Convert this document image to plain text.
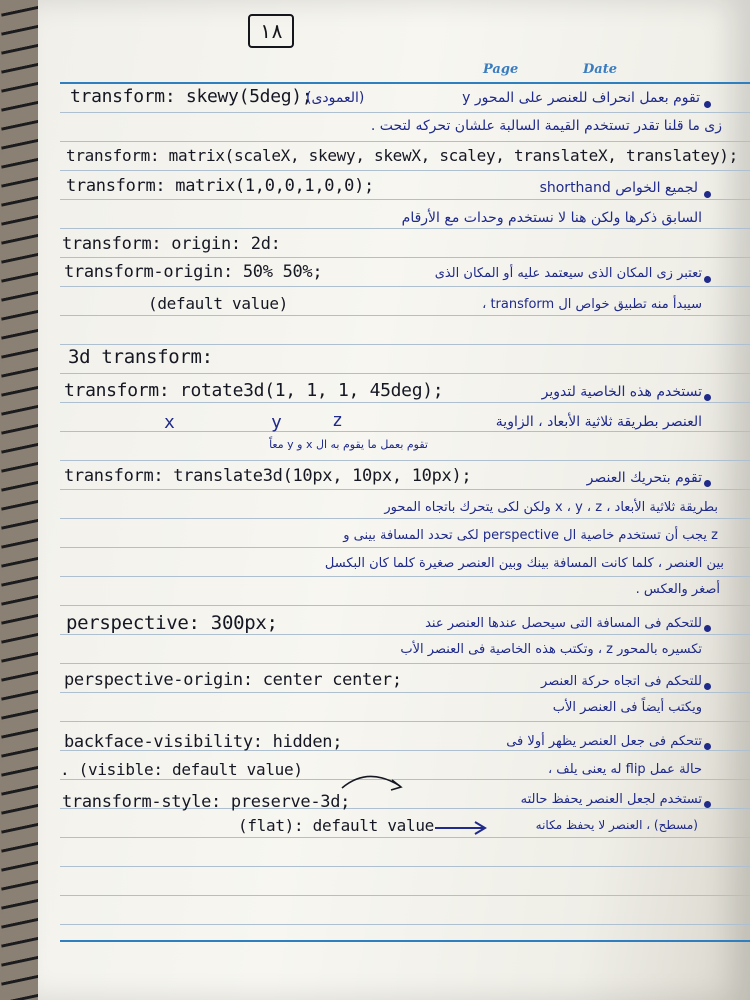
١٨
Page	Date
transform: skewy(5deg);
(العمودى)	تقوم بعمل انحراف للعنصر على المحور y
زى ما قلنا تقدر تستخدم القيمة السالبة علشان تحركه لتحت .
transform: matrix(scaleX, skewy, skewX, scaley, translateX, translatey);
transform: matrix(1,0,0,1,0,0);	لجميع الخواص shorthand
السابق ذكرها ولكن هنا لا نستخدم وحدات مع الأرقام
transform: origin: 2d:
transform-origin: 50% 50%;	تعتبر زى المكان الذى سيعتمد عليه أو المكان الذى
(default value)	سيبدأ منه تطبيق خواص ال transform ،
3d transform:
transform: rotate3d(1, 1, 1, 45deg);	تستخدم هذه الخاصية لتدوير
x	y	z	العنصر بطريقة ثلاثية الأبعاد ، الزاوية
تقوم بعمل ما يقوم به ال x و y معاً
transform: translate3d(10px, 10px, 10px);	تقوم بتحريك العنصر
بطريقة ثلاثية الأبعاد ، x ، y ، z ولكن لكى يتحرك باتجاه المحور
z يجب أن تستخدم خاصية ال perspective لكى تحدد المسافة بينى و
بين العنصر ، كلما كانت المسافة بينك وبين العنصر صغيرة كلما كان البكسل
أصغر والعكس .
perspective: 300px;	للتحكم فى المسافة التى سيحصل عندها العنصر عند
تكسيره بالمحور z ، وتكتب هذه الخاصية فى العنصر الأب
perspective-origin: center center;	للتحكم فى اتجاه حركة العنصر
ويكتب أيضاً فى العنصر الأب
backface-visibility: hidden;	تتحكم فى جعل العنصر يظهر أولا فى
. (visible: default value)	حالة عمل flip له يعنى يلف ،
transform-style: preserve-3d;	تستخدم لجعل العنصر يحفظ حالته
(flat): default value	(مسطح) ، العنصر لا يحفظ مكانه
